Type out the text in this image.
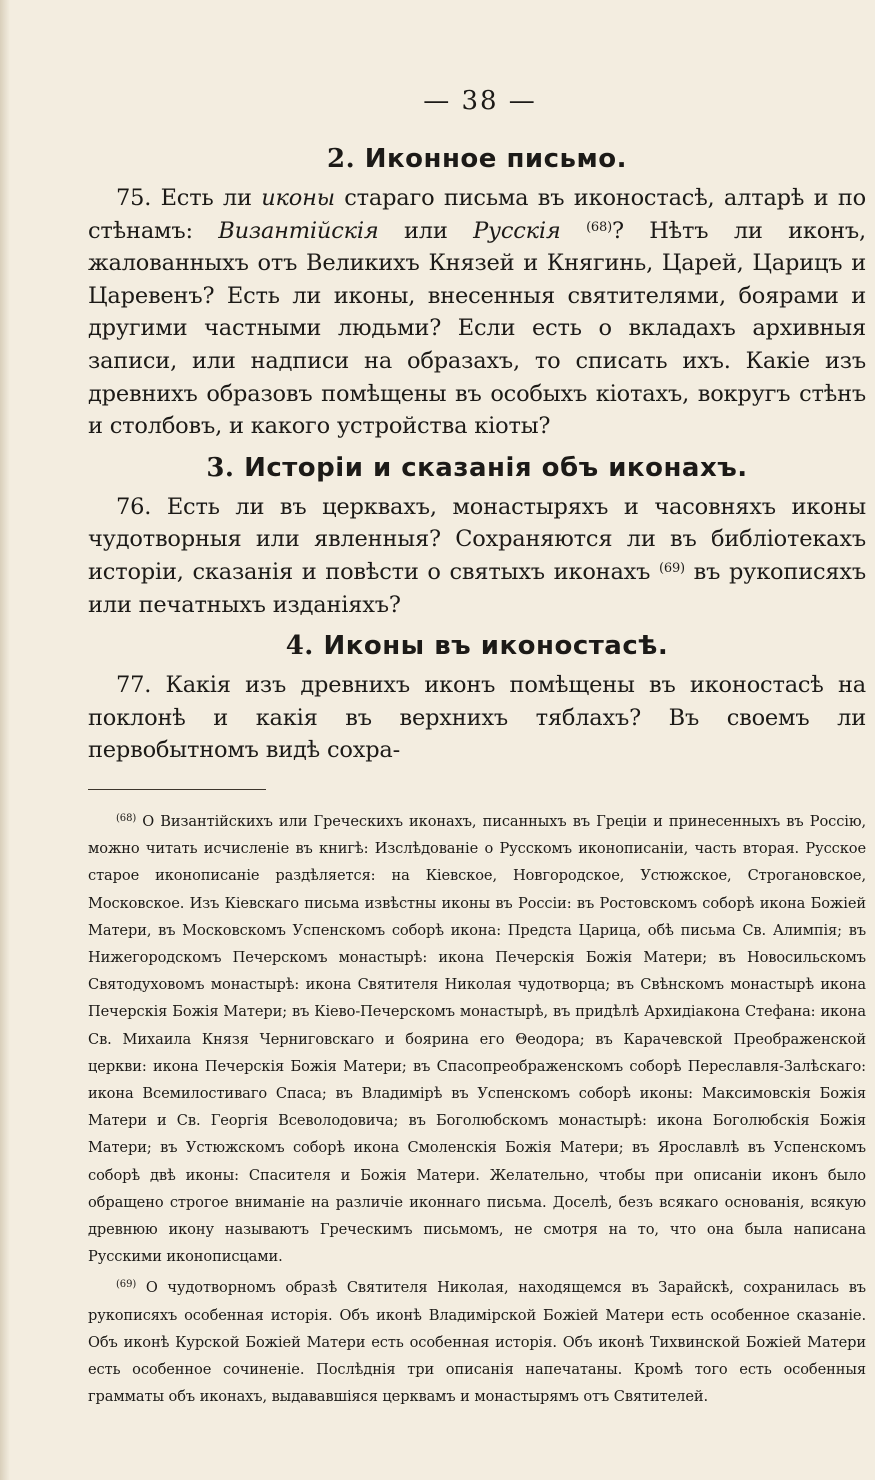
— 38 —
2. Иконное письмо.

75. Есть ли иконы стараго письма въ иконостасѣ, алтарѣ и по стѣнамъ: Византійскія или Русскія $^{(68)}$? Нѣтъ ли иконъ, жалованныхъ отъ Великихъ Князей и Княгинь, Царей, Царицъ и Царевенъ? Есть ли иконы, внесенныя святителями, боярами и другими частными людьми? Если есть о вкладахъ архивныя записи, или надписи на образахъ, то списать ихъ. Какіе изъ древнихъ образовъ помѣщены въ особыхъ кіотахъ, вокругъ стѣнъ и столбовъ, и какого устройства кіоты?

3. Исторіи и сказанія объ иконахъ.

76. Есть ли въ церквахъ, монастыряхъ и часовняхъ иконы чудотворныя или явленныя? Сохраняются ли въ библіотекахъ исторіи, сказанія и повѣсти о святыхъ иконахъ $^{(69)}$ въ рукописяхъ или печатныхъ изданіяхъ?

4. Иконы въ иконостасѣ.

77. Какія изъ древнихъ иконъ помѣщены въ иконостасѣ на поклонѣ и какія въ верхнихъ тяблахъ? Въ своемъ ли первобытномъ видѣ сохра-

$^{(68)}$ О Византійскихъ или Греческихъ иконахъ, писанныхъ въ Греціи и принесенныхъ въ Россію, можно читать исчисленіе въ книгѣ: Изслѣдованіе о Русскомъ иконописаніи, часть вторая. Русское старое иконописаніе раздѣляется: на Кіевское, Новгородское, Устюжское, Строгановское, Московское. Изъ Кіевскаго письма извѣстны иконы въ Россіи: въ Ростовскомъ соборѣ икона Божіей Матери, въ Московскомъ Успенскомъ соборѣ икона: Предста Царица, обѣ письма Св. Алимпія; въ Нижегородскомъ Печерскомъ монастырѣ: икона Печерскія Божія Матери; въ Новосильскомъ Святодуховомъ монастырѣ: икона Святителя Николая чудотворца; въ Свѣнскомъ монастырѣ икона Печерскія Божія Матери; въ Кіево-Печерскомъ монастырѣ, въ придѣлѣ Архидіакона Стефана: икона Св. Михаила Князя Черниговскаго и боярина его Θеодора; въ Карачевской Преображенской церкви: икона Печерскія Божія Матери; въ Спасопреображенскомъ соборѣ Переславля-Залѣскаго: икона Всемилостиваго Спаса; въ Владимірѣ въ Успенскомъ соборѣ иконы: Максимовскія Божія Матери и Св. Георгія Всеволодовича; въ Боголюбскомъ монастырѣ: икона Боголюбскія Божія Матери; въ Устюжскомъ соборѣ икона Смоленскія Божія Матери; въ Ярославлѣ въ Успенскомъ соборѣ двѣ иконы: Спасителя и Божія Матери. Желательно, чтобы при описаніи иконъ было обращено строгое вниманіе на различіе иконнаго письма. Доселѣ, безъ всякаго основанія, всякую древнюю икону называютъ Греческимъ письмомъ, не смотря на то, что она была написана Русскими иконописцами.

$^{(69)}$ О чудотворномъ образѣ Святителя Николая, находящемся въ Зарайскѣ, сохранилась въ рукописяхъ особенная исторія. Объ иконѣ Владимірской Божіей Матери есть особенное сказаніе. Объ иконѣ Курской Божіей Матери есть особенная исторія. Объ иконѣ Тихвинской Божіей Матери есть особенное сочиненіе. Послѣднія три описанія напечатаны. Кромѣ того есть особенныя грамматы объ иконахъ, выдававшіяся церквамъ и монастырямъ отъ Святителей.
